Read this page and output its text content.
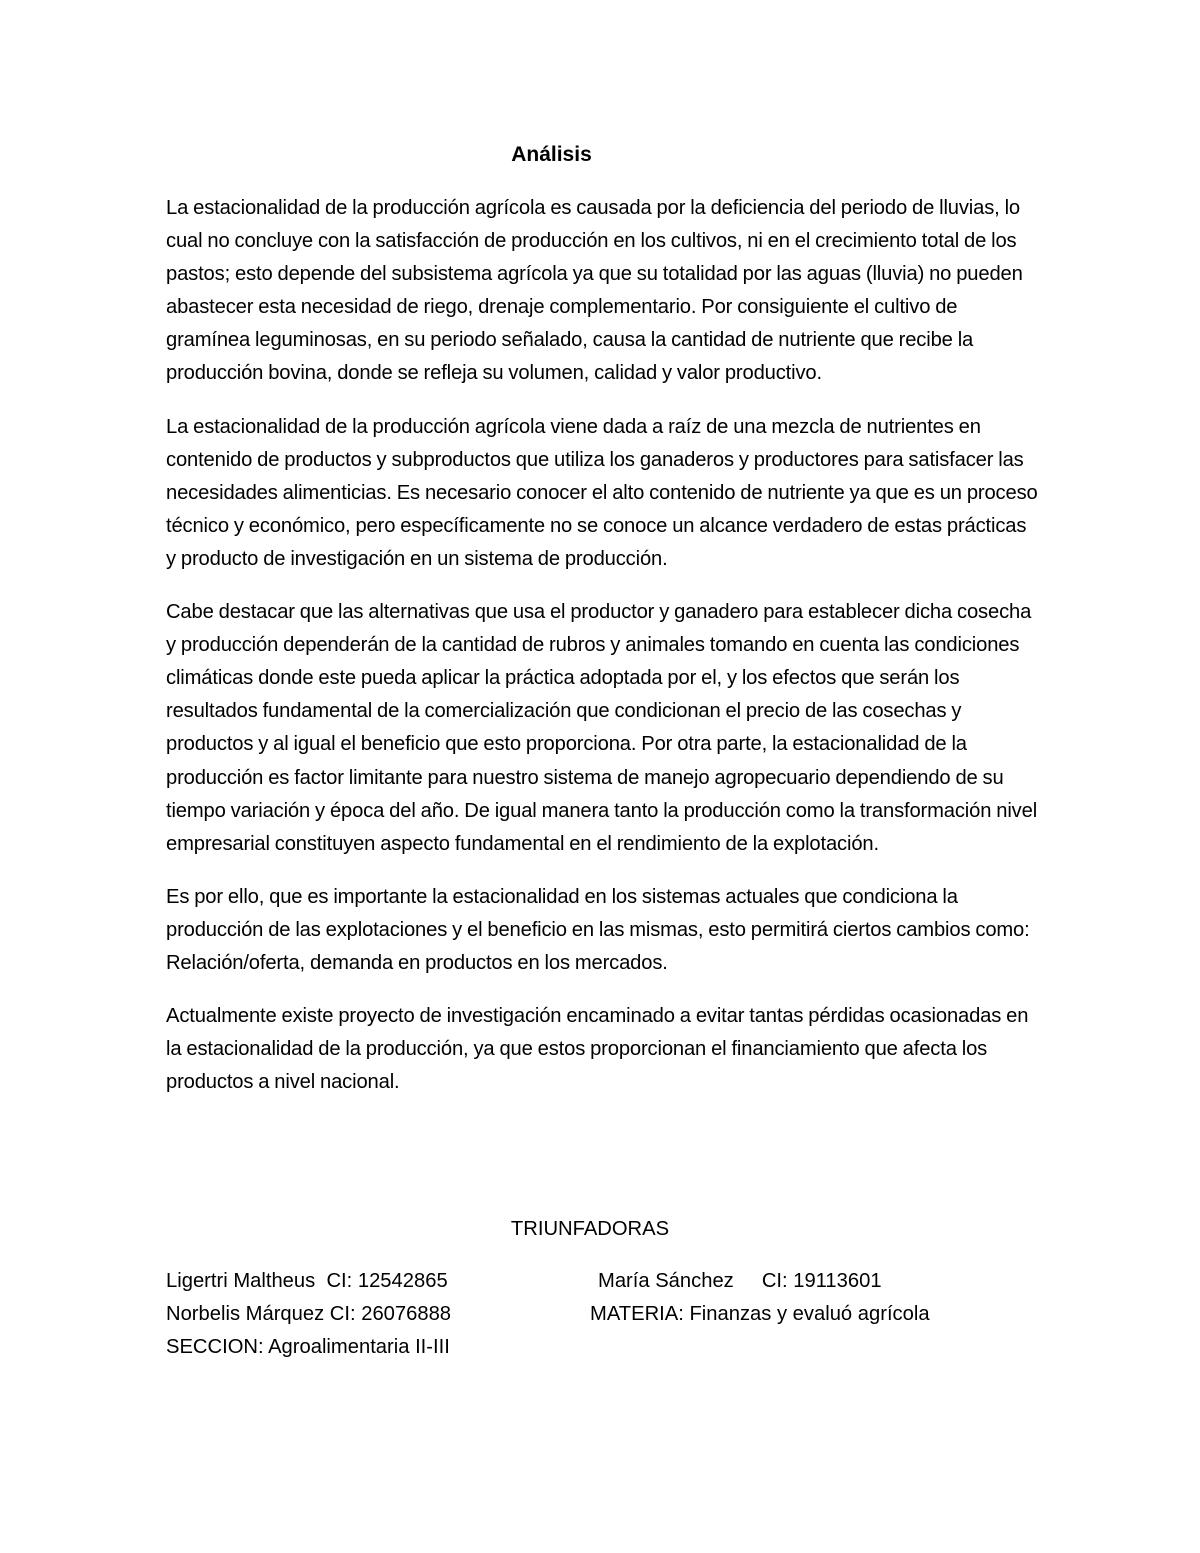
Análisis

La estacionalidad de la producción agrícola es causada por la deficiencia del periodo de lluvias, lo cual no concluye con la satisfacción de producción en los cultivos, ni en el crecimiento total de los pastos; esto depende del subsistema agrícola ya que su totalidad por las aguas (lluvia) no pueden abastecer esta necesidad de riego, drenaje complementario. Por consiguiente el cultivo de gramínea leguminosas, en su periodo señalado, causa la cantidad de nutriente que recibe la producción bovina, donde se refleja su volumen, calidad y valor productivo.

La estacionalidad de la producción agrícola viene dada a raíz de una mezcla de nutrientes en contenido de productos y subproductos que utiliza los ganaderos y productores para satisfacer las necesidades alimenticias. Es necesario conocer el alto contenido de nutriente ya que es un proceso técnico y económico, pero específicamente no se conoce un alcance verdadero de estas prácticas y producto de investigación en un sistema de producción.

Cabe destacar que las alternativas que usa el productor y ganadero para establecer dicha cosecha y producción dependerán de la cantidad de rubros y animales tomando en cuenta las condiciones climáticas donde este pueda aplicar la práctica adoptada por el, y los efectos que serán los resultados fundamental de la comercialización que condicionan el precio de las cosechas y productos y al igual el beneficio que esto proporciona. Por otra parte, la estacionalidad de la producción es factor limitante para nuestro sistema de manejo agropecuario dependiendo de su tiempo variación y época del año. De igual manera tanto la producción como la transformación nivel empresarial constituyen aspecto fundamental en el rendimiento de la explotación.

Es por ello, que es importante la estacionalidad en los sistemas actuales que condiciona la producción de las explotaciones y el beneficio en las mismas, esto permitirá ciertos cambios como: Relación/oferta, demanda en productos en los mercados.

Actualmente existe proyecto de investigación encaminado a evitar tantas pérdidas ocasionadas en la estacionalidad de la producción, ya que estos proporcionan el financiamiento que afecta los productos a nivel nacional.

TRIUNFADORAS

Ligertri Maltheus  CI: 12542865

	María Sánchez     CI: 19113601

Norbelis Márquez CI: 26076888

	MATERIA: Finanzas y evaluó agrícola

SECCION: Agroalimentaria II-III
